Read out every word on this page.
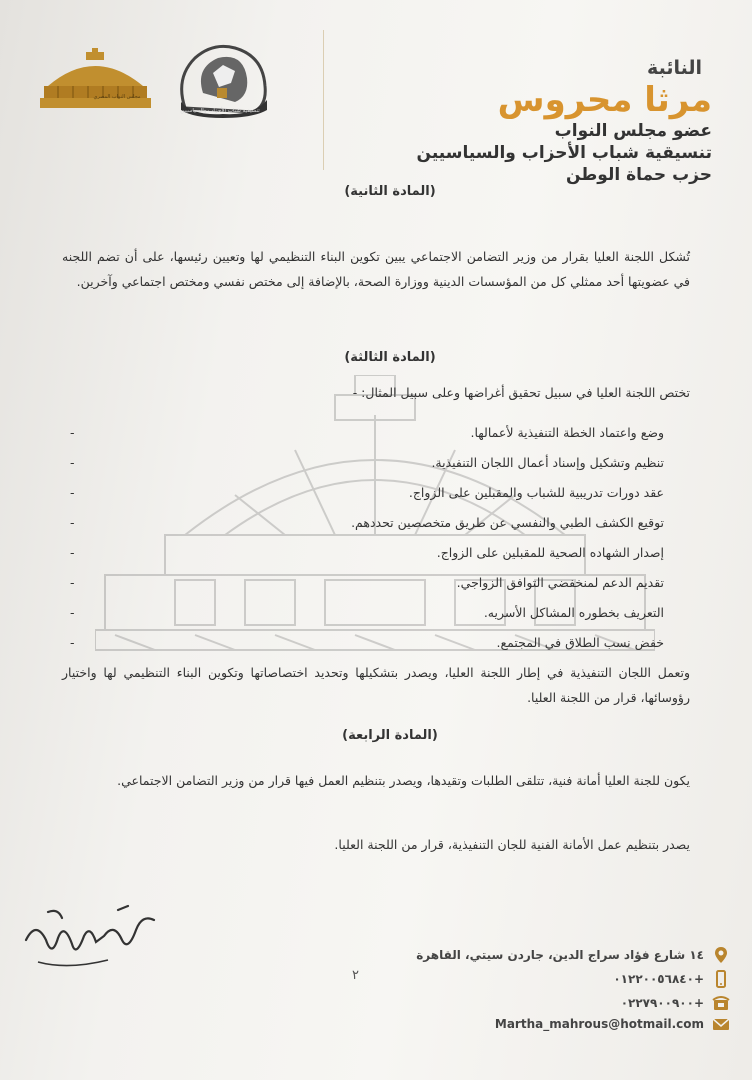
مجلس النواب المصري
تنسيقية شباب الأحزاب والسياسيين
النائبة
مرثا محروس
عضو مجلس النواب
تنسيقية شباب الأحزاب والسياسيين
حزب حماة الوطن
(المادة الثانية)
تُشكل اللجنة العليا بقرار من وزير التضامن الاجتماعي يبين تكوين البناء التنظيمي لها وتعيين رئيسها، على أن تضم اللجنه في عضويتها أحد ممثلي كل من المؤسسات الدينية ووزارة الصحة، بالإضافة إلى مختص نفسي ومختص اجتماعي وآخرين.
(المادة الثالثة)
تختص اللجنة العليا في سبيل تحقيق أغراضها وعلى سبيل المثال: -
وضع واعتماد الخطة التنفيذية لأعمالها.
-
تنظيم وتشكيل وإسناد أعمال اللجان التنفيذية.
-
عقد دورات تدريبية للشباب والمقبلين على الزواج.
-
توقيع الكشف الطبي والنفسي عن طريق متخصصين تحددهم.
-
إصدار الشهاده الصحية للمقبلين على الزواج.
-
تقديم الدعم لمنخفضي التوافق الزواجي.
-
التعريف بخطوره المشاكل الأسريه.
-
خفض نسب الطلاق في المجتمع.
-
وتعمل اللجان التنفيذية في إطار اللجنة العليا، ويصدر بتشكيلها وتحديد اختصاصاتها وتكوين البناء التنظيمي لها واختيار رؤوسائها، قرار من اللجنة العليا.
(المادة الرابعة)
يكون للجنة العليا أمانة فنية، تتلقى الطلبات وتقيدها، ويصدر بتنظيم العمل فيها قرار من وزير التضامن الاجتماعي.
يصدر بتنظيم عمل الأمانة الفنية للجان التنفيذية، قرار من اللجنة العليا.
٢
١٤ شارع فؤاد سراج الدين، جاردن سيتي، القاهرة
+٠١٢٢٠٠٥٦٨٤٠
+٠٢٢٧٩٠٠٩٠٠
Martha_mahrous@hotmail.com
